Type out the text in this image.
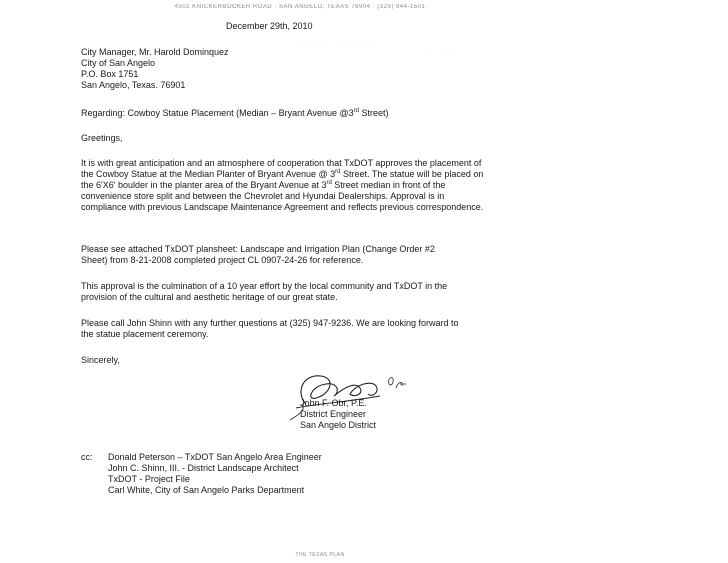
4502 KNICKERBOCKER ROAD · SAN ANGELO, TEXAS 76904 · (325) 944-1501
· · · · · · · · ·	· · ·
December 29th, 2010
City Manager, Mr. Harold Dominquez
City of San Angelo
P.O. Box 1751
San Angelo, Texas. 76901
Regarding: Cowboy Statue Placement (Median – Bryant Avenue @3rd Street)
Greetings,
It is with great anticipation and an atmosphere of cooperation that TxDOT approves the placement of the Cowboy Statue at the Median Planter of Bryant Avenue @ 3rd Street. The statue will be placed on the 6'X6' boulder in the planter area of the Bryant Avenue at 3rd Street median in front of the convenience store split and between the Chevrolet and Hyundai Dealerships. Approval is in compliance with previous Landscape Maintenance Agreement and reflects previous correspondence.
Please see attached TxDOT plansheet: Landscape and Irrigation Plan (Change Order #2 Sheet) from 8-21-2008 completed project CL 0907-24-26 for reference.
This approval is the culmination of a 10 year effort by the local community and TxDOT in the provision of the cultural and aesthetic heritage of our great state.
Please call John Shinn with any further questions at (325) 947-9236. We are looking forward to the statue placement ceremony.
Sincerely,
John F. Obr, P.E.
District Engineer
San Angelo District
cc: Donald Peterson – TxDOT San Angelo Area Engineer
John C. Shinn, III. - District Landscape Architect
TxDOT - Project File
Carl White, City of San Angelo Parks Department
THE TEXAS PLAN
